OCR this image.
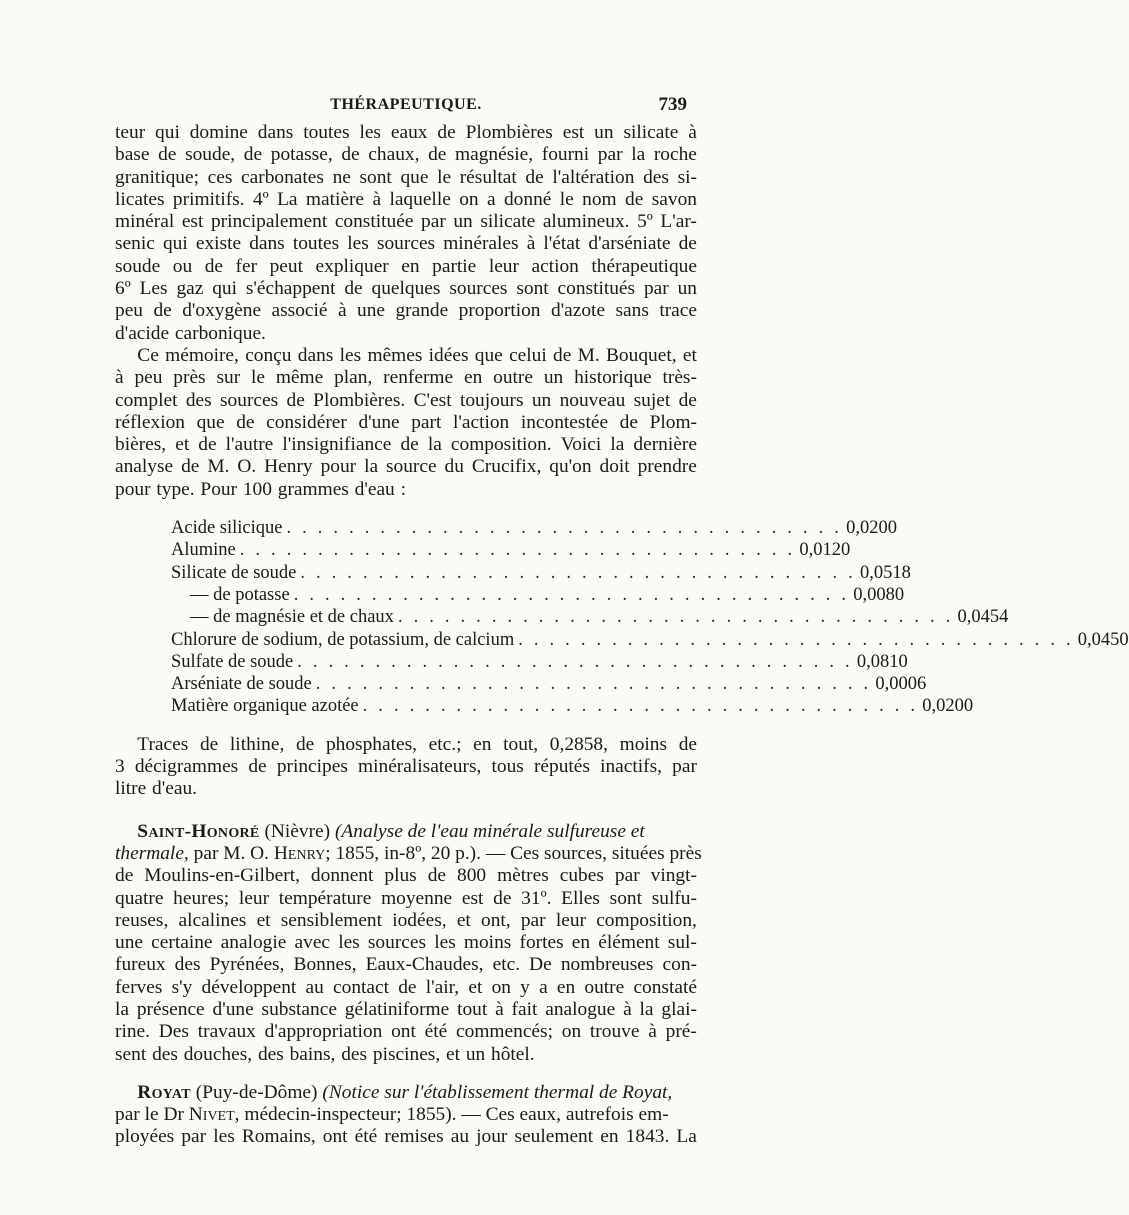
THÉRAPEUTIQUE.	739
teur qui domine dans toutes les eaux de Plombières est un silicate à
base de soude, de potasse, de chaux, de magnésie, fourni par la roche
granitique; ces carbonates ne sont que le résultat de l'altération des si-
licates primitifs. 4º La matière à laquelle on a donné le nom de savon
minéral est principalement constituée par un silicate alumineux. 5º L'ar-
senic qui existe dans toutes les sources minérales à l'état d'arséniate de
soude ou de fer peut expliquer en partie leur action thérapeutique
6º Les gaz qui s'échappent de quelques sources sont constitués par un
peu de d'oxygène associé à une grande proportion d'azote sans trace
d'acide carbonique.
Ce mémoire, conçu dans les mêmes idées que celui de M. Bouquet, et
à peu près sur le même plan, renferme en outre un historique très-
complet des sources de Plombières. C'est toujours un nouveau sujet de
réflexion que de considérer d'une part l'action incontestée de Plom-
bières, et de l'autre l'insignifiance de la composition. Voici la dernière
analyse de M. O. Henry pour la source du Crucifix, qu'on doit prendre
pour type. Pour 100 grammes d'eau :
Acide silicique . . . . . . . . . . . . . . . . . . . . . . . . . . . . . . . . . . . . 0,0200
Alumine . . . . . . . . . . . . . . . . . . . . . . . . . . . . . . . . . . . . 0,0120
Silicate de soude . . . . . . . . . . . . . . . . . . . . . . . . . . . . . . . . . . . . 0,0518
— de potasse . . . . . . . . . . . . . . . . . . . . . . . . . . . . . . . . . . . . 0,0080
— de magnésie et de chaux . . . . . . . . . . . . . . . . . . . . . . . . . . . . . . . . . . . . 0,0454
Chlorure de sodium, de potassium, de calcium . . . . . . . . . . . . . . . . . . . . . . . . . . . . . . . . . . . . 0,0450
Sulfate de soude . . . . . . . . . . . . . . . . . . . . . . . . . . . . . . . . . . . . 0,0810
Arséniate de soude . . . . . . . . . . . . . . . . . . . . . . . . . . . . . . . . . . . . 0,0006
Matière organique azotée . . . . . . . . . . . . . . . . . . . . . . . . . . . . . . . . . . . . 0,0200
Traces de lithine, de phosphates, etc.; en tout, 0,2858, moins de
3 décigrammes de principes minéralisateurs, tous réputés inactifs, par
litre d'eau.
Saint-Honoré (Nièvre) (Analyse de l'eau minérale sulfureuse et
thermale, par M. O. Henry; 1855, in-8º, 20 p.). — Ces sources, situées près
de Moulins-en-Gilbert, donnent plus de 800 mètres cubes par vingt-
quatre heures; leur température moyenne est de 31º. Elles sont sulfu-
reuses, alcalines et sensiblement iodées, et ont, par leur composition,
une certaine analogie avec les sources les moins fortes en élément sul-
fureux des Pyrénées, Bonnes, Eaux-Chaudes, etc. De nombreuses con-
ferves s'y développent au contact de l'air, et on y a en outre constaté
la présence d'une substance gélatiniforme tout à fait analogue à la glai-
rine. Des travaux d'appropriation ont été commencés; on trouve à pré-
sent des douches, des bains, des piscines, et un hôtel.
Royat (Puy-de-Dôme) (Notice sur l'établissement thermal de Royat,
par le Dr Nivet, médecin-inspecteur; 1855). — Ces eaux, autrefois em-
ployées par les Romains, ont été remises au jour seulement en 1843. La
